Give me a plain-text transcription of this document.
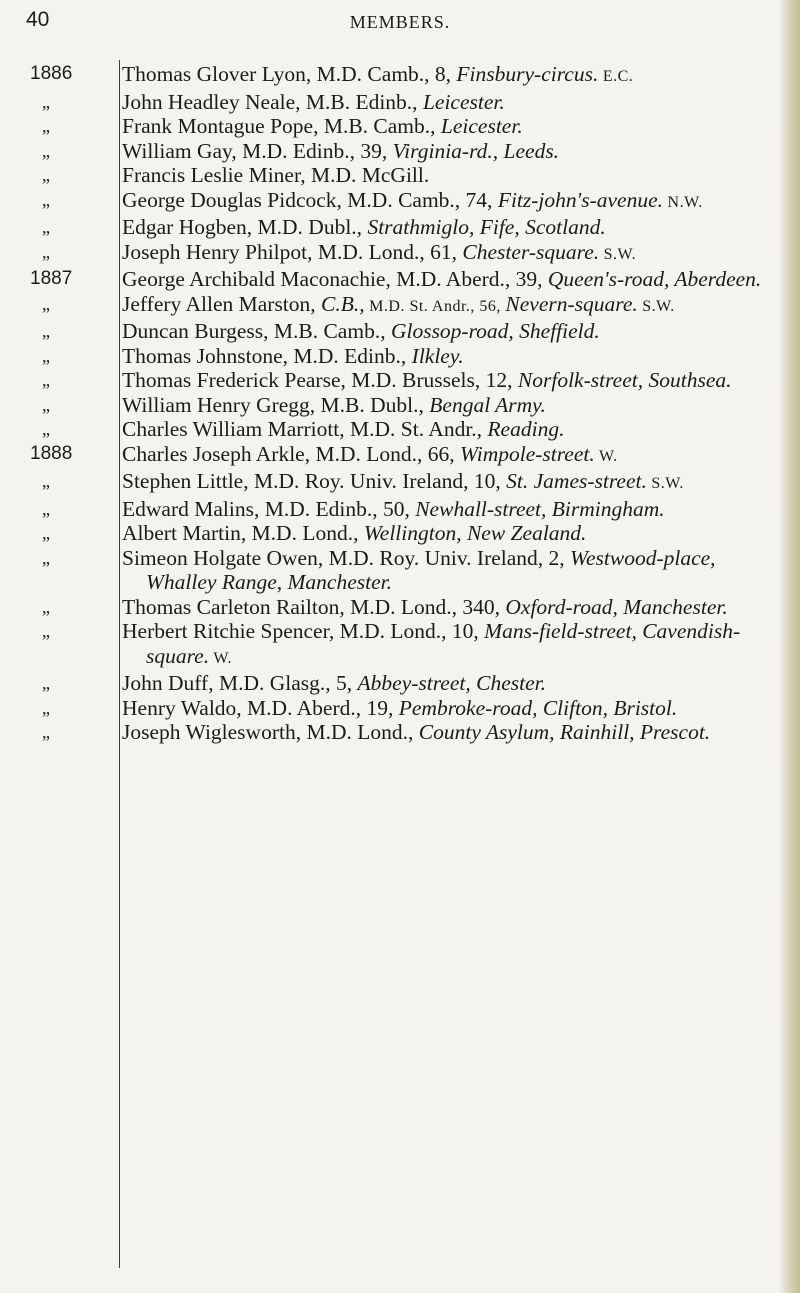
40	MEMBERS.
1886	Thomas Glover Lyon, M.D. Camb., 8, Finsbury-circus. E.C.
„	John Headley Neale, M.B. Edinb., Leicester.
„	Frank Montague Pope, M.B. Camb., Leicester.
„	William Gay, M.D. Edinb., 39, Virginia-rd., Leeds.
„	Francis Leslie Miner, M.D. McGill.
„	George Douglas Pidcock, M.D. Camb., 74, Fitz-john's-avenue. N.W.
„	Edgar Hogben, M.D. Dubl., Strathmiglo, Fife, Scotland.
„	Joseph Henry Philpot, M.D. Lond., 61, Chester-square. S.W.
1887	George Archibald Maconachie, M.D. Aberd., 39, Queen's-road, Aberdeen.
„	Jeffery Allen Marston, C.B., M.D. St. Andr., 56, Nevern-square. S.W.
„	Duncan Burgess, M.B. Camb., Glossop-road, Sheffield.
„	Thomas Johnstone, M.D. Edinb., Ilkley.
„	Thomas Frederick Pearse, M.D. Brussels, 12, Norfolk-street, Southsea.
„	William Henry Gregg, M.B. Dubl., Bengal Army.
„	Charles William Marriott, M.D. St. Andr., Reading.
1888	Charles Joseph Arkle, M.D. Lond., 66, Wimpole-street. W.
„	Stephen Little, M.D. Roy. Univ. Ireland, 10, St. James-street. S.W.
„	Edward Malins, M.D. Edinb., 50, Newhall-street, Birmingham.
„	Albert Martin, M.D. Lond., Wellington, New Zealand.
„	Simeon Holgate Owen, M.D. Roy. Univ. Ireland, 2, Westwood-place, Whalley Range, Manchester.
„	Thomas Carleton Railton, M.D. Lond., 340, Oxford-road, Manchester.
„	Herbert Ritchie Spencer, M.D. Lond., 10, Mans-field-street, Cavendish-square. W.
„	John Duff, M.D. Glasg., 5, Abbey-street, Chester.
„	Henry Waldo, M.D. Aberd., 19, Pembroke-road, Clifton, Bristol.
„	Joseph Wiglesworth, M.D. Lond., County Asylum, Rainhill, Prescot.
